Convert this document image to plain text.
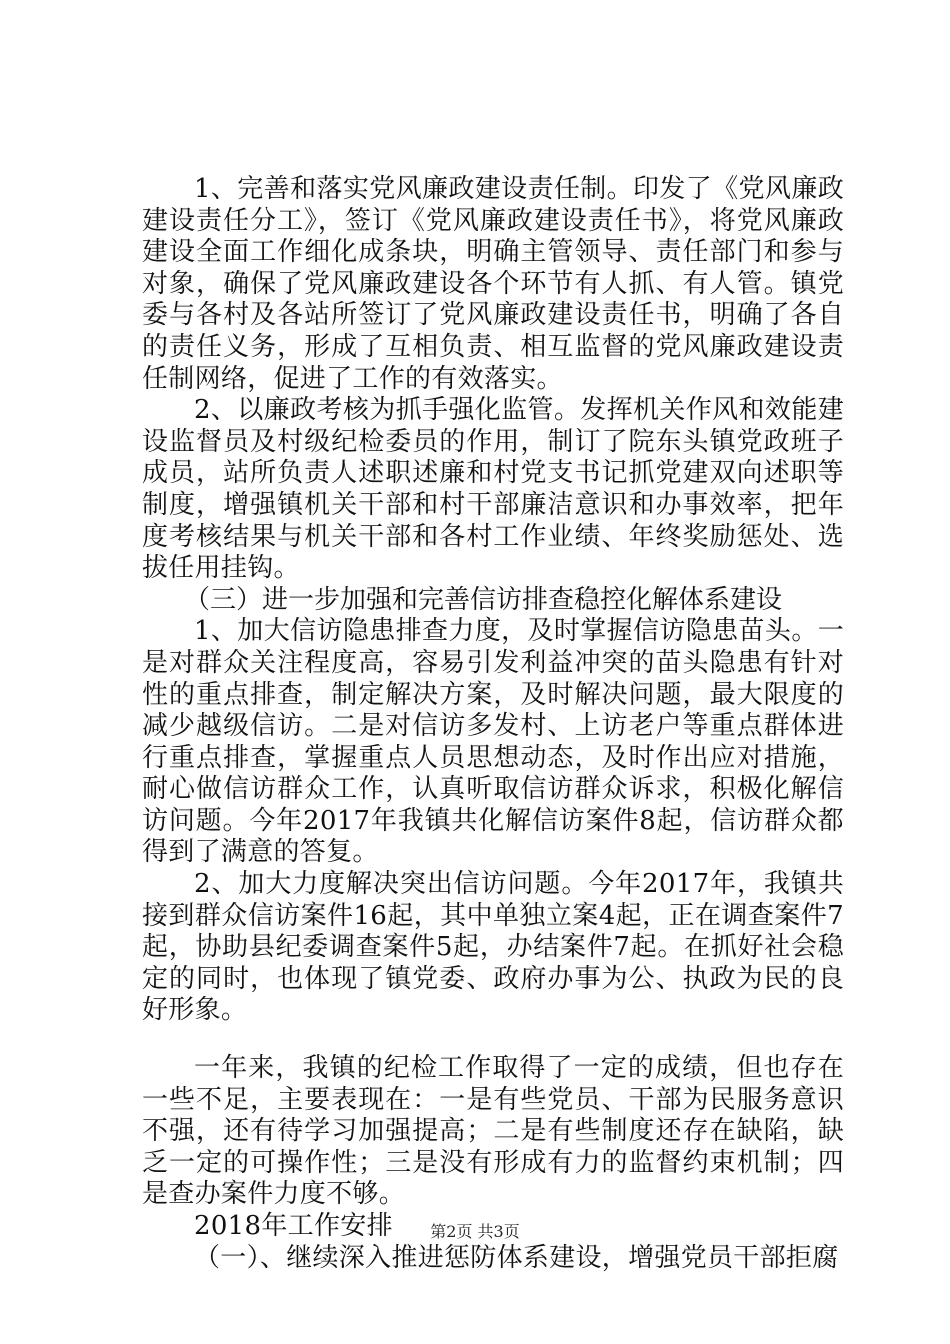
1、完善和落实党风廉政建设责任制。印发了《党风廉政建设责任分工》，签订《党风廉政建设责任书》，将党风廉政建设全面工作细化成条块，明确主管领导、责任部门和参与对象，确保了党风廉政建设各个环节有人抓、有人管。镇党委与各村及各站所签订了党风廉政建设责任书，明确了各自的责任义务，形成了互相负责、相互监督的党风廉政建设责任制网络，促进了工作的有效落实。

2、以廉政考核为抓手强化监管。发挥机关作风和效能建设监督员及村级纪检委员的作用，制订了院东头镇党政班子成员，站所负责人述职述廉和村党支书记抓党建双向述职等制度，增强镇机关干部和村干部廉洁意识和办事效率，把年度考核结果与机关干部和各村工作业绩、年终奖励惩处、选拔任用挂钩。

（三）进一步加强和完善信访排查稳控化解体系建设

1、加大信访隐患排查力度，及时掌握信访隐患苗头。一是对群众关注程度高，容易引发利益冲突的苗头隐患有针对性的重点排查，制定解决方案，及时解决问题，最大限度的减少越级信访。二是对信访多发村、上访老户等重点群体进行重点排查，掌握重点人员思想动态，及时作出应对措施，耐心做信访群众工作，认真听取信访群众诉求，积极化解信访问题。今年2017年我镇共化解信访案件8起，信访群众都得到了满意的答复。

2、加大力度解决突出信访问题。今年2017年，我镇共接到群众信访案件16起，其中单独立案4起，正在调查案件7起，协助县纪委调查案件5起，办结案件7起。在抓好社会稳定的同时，也体现了镇党委、政府办事为公、执政为民的良好形象。

一年来，我镇的纪检工作取得了一定的成绩，但也存在一些不足，主要表现在：一是有些党员、干部为民服务意识不强，还有待学习加强提高；二是有些制度还存在缺陷，缺乏一定的可操作性；三是没有形成有力的监督约束机制；四是查办案件力度不够。

2018年工作安排

（一）、继续深入推进惩防体系建设，增强党员干部拒腐

第2页 共3页
